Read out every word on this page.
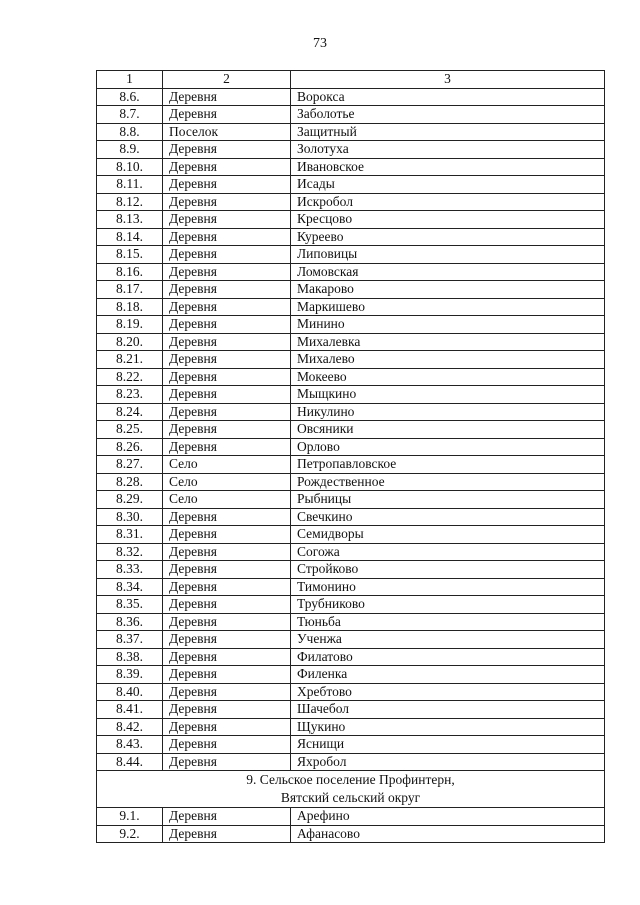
73
1	2	3
8.6.	Деревня	Ворокса
8.7.	Деревня	Заболотье
8.8.	Поселок	Защитный
8.9.	Деревня	Золотуха
8.10.	Деревня	Ивановское
8.11.	Деревня	Исады
8.12.	Деревня	Искробол
8.13.	Деревня	Кресцово
8.14.	Деревня	Куреево
8.15.	Деревня	Липовицы
8.16.	Деревня	Ломовская
8.17.	Деревня	Макарово
8.18.	Деревня	Маркишево
8.19.	Деревня	Минино
8.20.	Деревня	Михалевка
8.21.	Деревня	Михалево
8.22.	Деревня	Мокеево
8.23.	Деревня	Мыщкино
8.24.	Деревня	Никулино
8.25.	Деревня	Овсяники
8.26.	Деревня	Орлово
8.27.	Село	Петропавловское
8.28.	Село	Рождественное
8.29.	Село	Рыбницы
8.30.	Деревня	Свечкино
8.31.	Деревня	Семидворы
8.32.	Деревня	Согожа
8.33.	Деревня	Стройково
8.34.	Деревня	Тимонино
8.35.	Деревня	Трубниково
8.36.	Деревня	Тюньба
8.37.	Деревня	Ученжа
8.38.	Деревня	Филатово
8.39.	Деревня	Филенка
8.40.	Деревня	Хребтово
8.41.	Деревня	Шачебол
8.42.	Деревня	Щукино
8.43.	Деревня	Яснищи
8.44.	Деревня	Яхробол

9. Сельское поселение Профинтерн,
Вятский сельский округ		

9.1.	Деревня	Арефино
9.2.	Деревня	Афанасово
